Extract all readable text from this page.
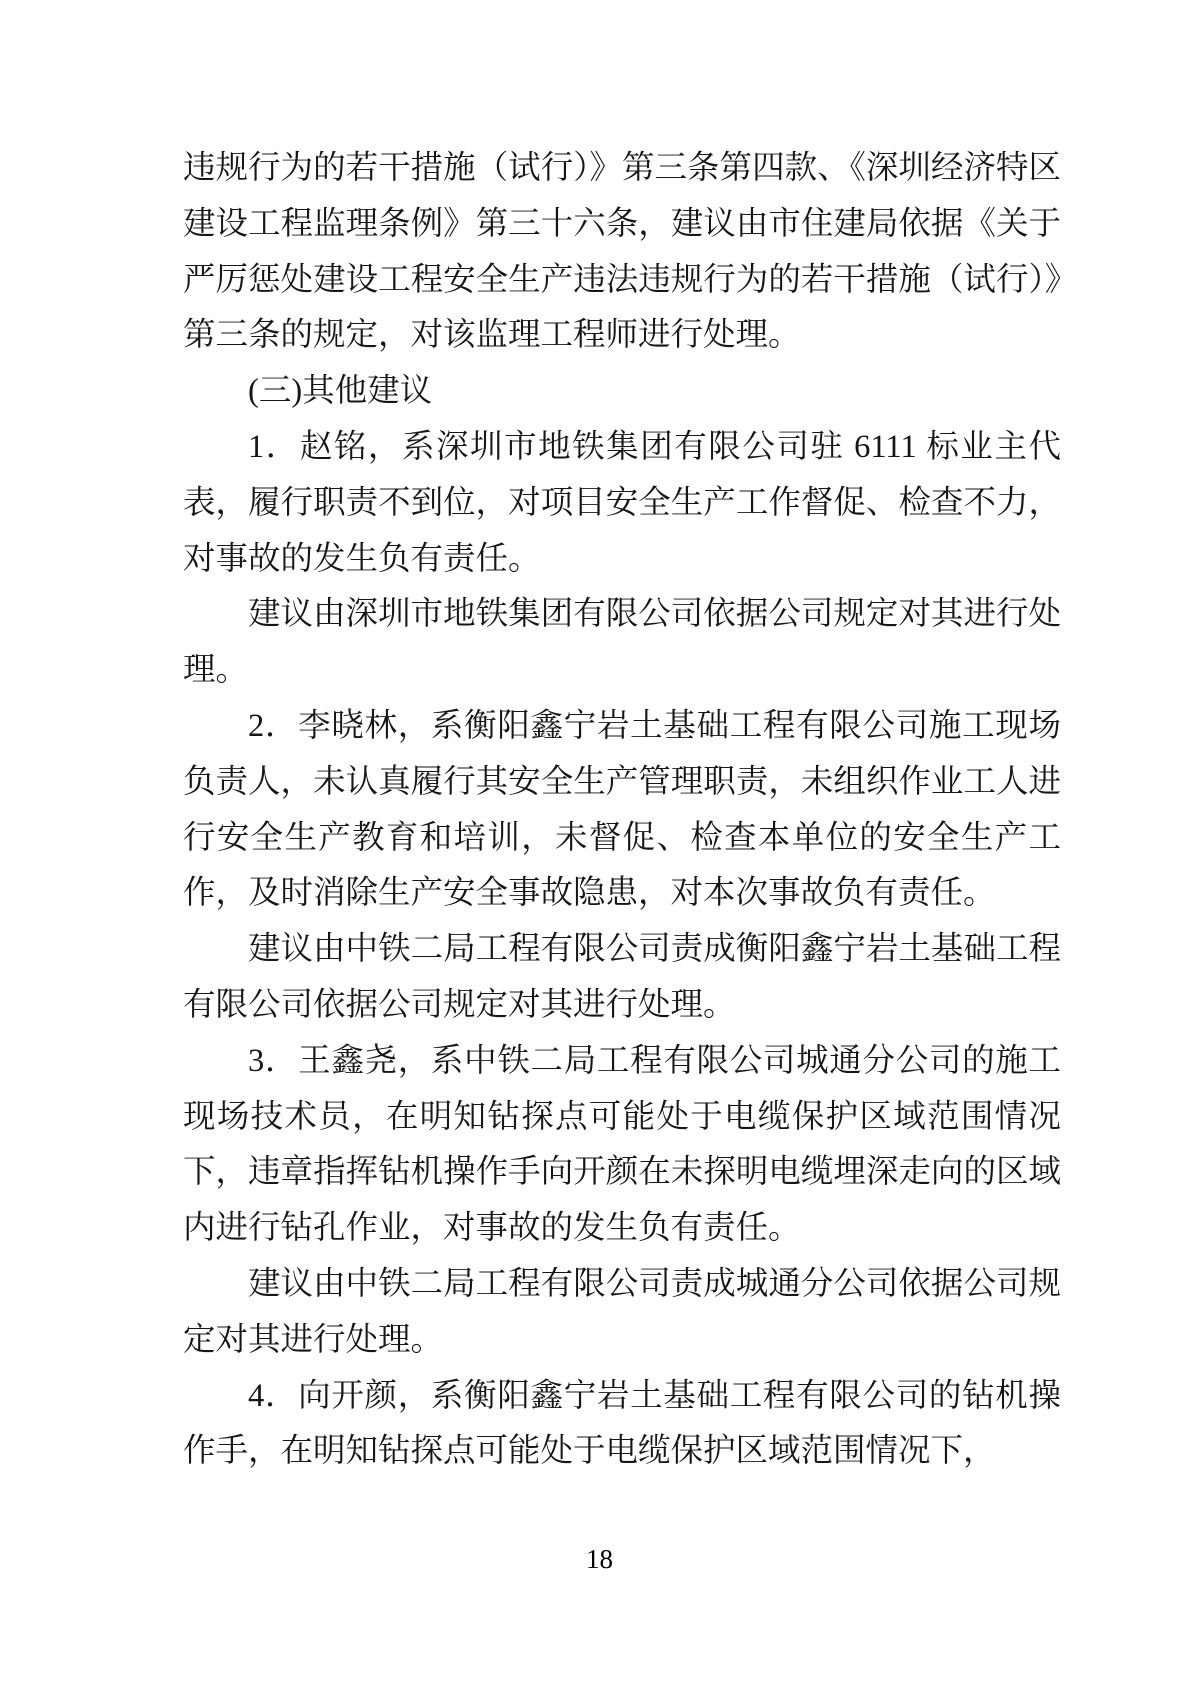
违规行为的若干措施（试行）》第三条第四款、《深圳经济特区建设工程监理条例》第三十六条，建议由市住建局依据《关于严厉惩处建设工程安全生产违法违规行为的若干措施（试行）》第三条的规定，对该监理工程师进行处理。

(三)其他建议

1．赵铭，系深圳市地铁集团有限公司驻 6111 标业主代表，履行职责不到位，对项目安全生产工作督促、检查不力，对事故的发生负有责任。

建议由深圳市地铁集团有限公司依据公司规定对其进行处理。

2．李晓林，系衡阳鑫宁岩土基础工程有限公司施工现场负责人，未认真履行其安全生产管理职责，未组织作业工人进行安全生产教育和培训，未督促、检查本单位的安全生产工作，及时消除生产安全事故隐患，对本次事故负有责任。

建议由中铁二局工程有限公司责成衡阳鑫宁岩土基础工程有限公司依据公司规定对其进行处理。

3．王鑫尧，系中铁二局工程有限公司城通分公司的施工现场技术员，在明知钻探点可能处于电缆保护区域范围情况下，违章指挥钻机操作手向开颜在未探明电缆埋深走向的区域内进行钻孔作业，对事故的发生负有责任。

建议由中铁二局工程有限公司责成城通分公司依据公司规定对其进行处理。

4．向开颜，系衡阳鑫宁岩土基础工程有限公司的钻机操作手，在明知钻探点可能处于电缆保护区域范围情况下，

18
